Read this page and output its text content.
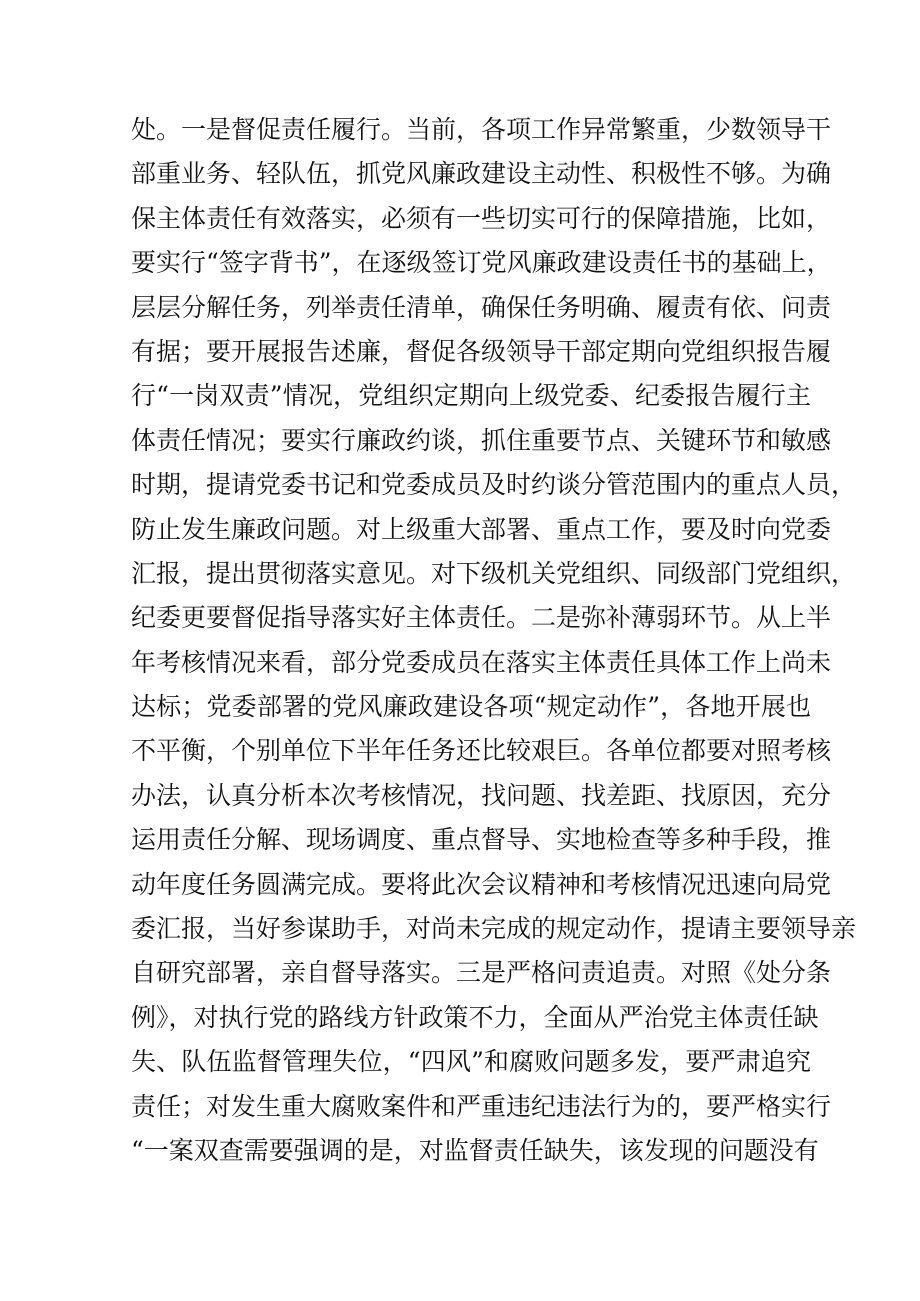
处。一是督促责任履行。当前，各项工作异常繁重，少数领导干
部重业务、轻队伍，抓党风廉政建设主动性、积极性不够。为确
保主体责任有效落实，必须有一些切实可行的保障措施，比如，
要实行“签字背书”，在逐级签订党风廉政建设责任书的基础上，
层层分解任务，列举责任清单，确保任务明确、履责有依、问责
有据；要开展报告述廉，督促各级领导干部定期向党组织报告履
行“一岗双责”情况，党组织定期向上级党委、纪委报告履行主
体责任情况；要实行廉政约谈，抓住重要节点、关键环节和敏感
时期，提请党委书记和党委成员及时约谈分管范围内的重点人员，
防止发生廉政问题。对上级重大部署、重点工作，要及时向党委
汇报，提出贯彻落实意见。对下级机关党组织、同级部门党组织，
纪委更要督促指导落实好主体责任。二是弥补薄弱环节。从上半
年考核情况来看，部分党委成员在落实主体责任具体工作上尚未
达标；党委部署的党风廉政建设各项“规定动作”，各地开展也
不平衡，个别单位下半年任务还比较艰巨。各单位都要对照考核
办法，认真分析本次考核情况，找问题、找差距、找原因，充分
运用责任分解、现场调度、重点督导、实地检查等多种手段，推
动年度任务圆满完成。要将此次会议精神和考核情况迅速向局党
委汇报，当好参谋助手，对尚未完成的规定动作，提请主要领导亲
自研究部署，亲自督导落实。三是严格问责追责。对照《处分条
例》，对执行党的路线方针政策不力，全面从严治党主体责任缺
失、队伍监督管理失位，“四风”和腐败问题多发，要严肃追究
责任；对发生重大腐败案件和严重违纪违法行为的，要严格实行
“一案双查需要强调的是，对监督责任缺失，该发现的问题没有
